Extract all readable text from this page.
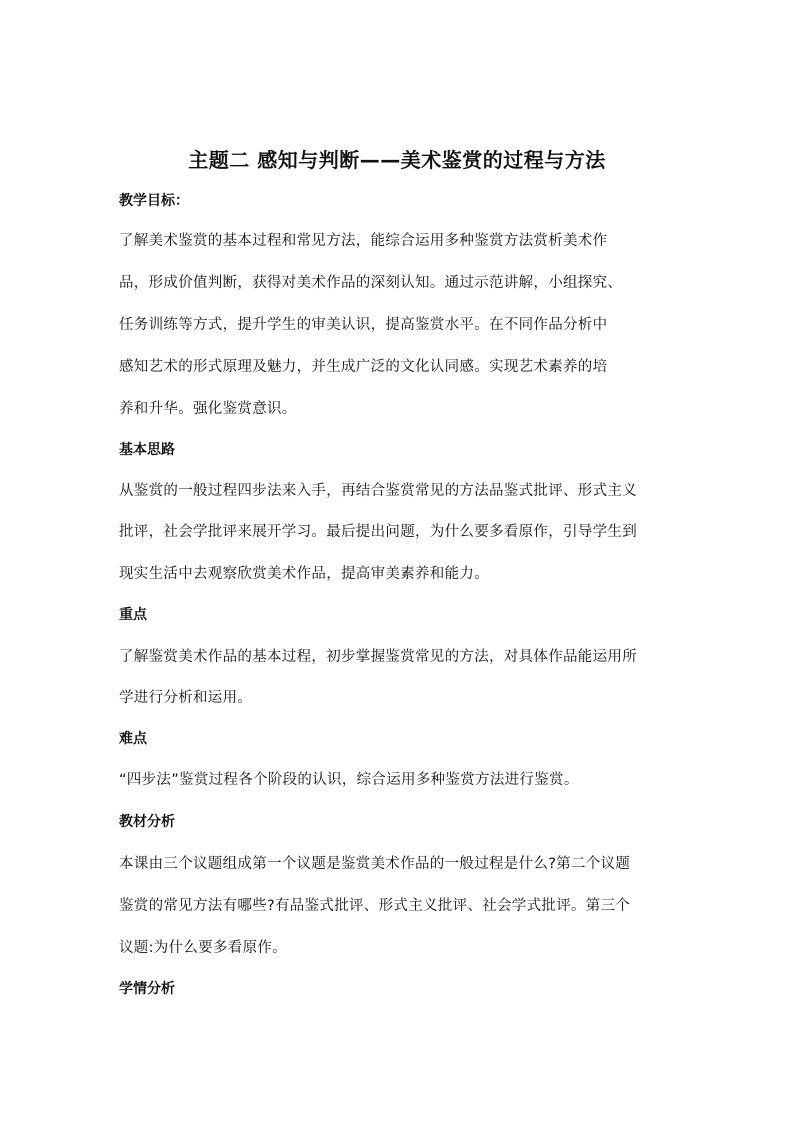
主题二 感知与判断——美术鉴赏的过程与方法
教学目标：
了解美术鉴赏的基本过程和常见方法，能综合运用多种鉴赏方法赏析美术作
品，形成价值判断，获得对美术作品的深刻认知。通过示范讲解，小组探究、
任务训练等方式，提升学生的审美认识，提高鉴赏水平。在不同作品分析中
感知艺术的形式原理及魅力，并生成广泛的文化认同感。实现艺术素养的培
养和升华。强化鉴赏意识。
基本思路
从鉴赏的一般过程四步法来入手，再结合鉴赏常见的方法品鉴式批评、形式主义
批评，社会学批评来展开学习。最后提出问题，为什么要多看原作，引导学生到
现实生活中去观察欣赏美术作品，提高审美素养和能力。
重点
了解鉴赏美术作品的基本过程，初步掌握鉴赏常见的方法，对具体作品能运用所
学进行分析和运用。
难点
“四步法”鉴赏过程各个阶段的认识，综合运用多种鉴赏方法进行鉴赏。
教材分析
本课由三个议题组成第一个议题是鉴赏美术作品的一般过程是什么?第二个议题
鉴赏的常见方法有哪些?有品鉴式批评、形式主义批评、社会学式批评。第三个
议题:为什么要多看原作。
学情分析
